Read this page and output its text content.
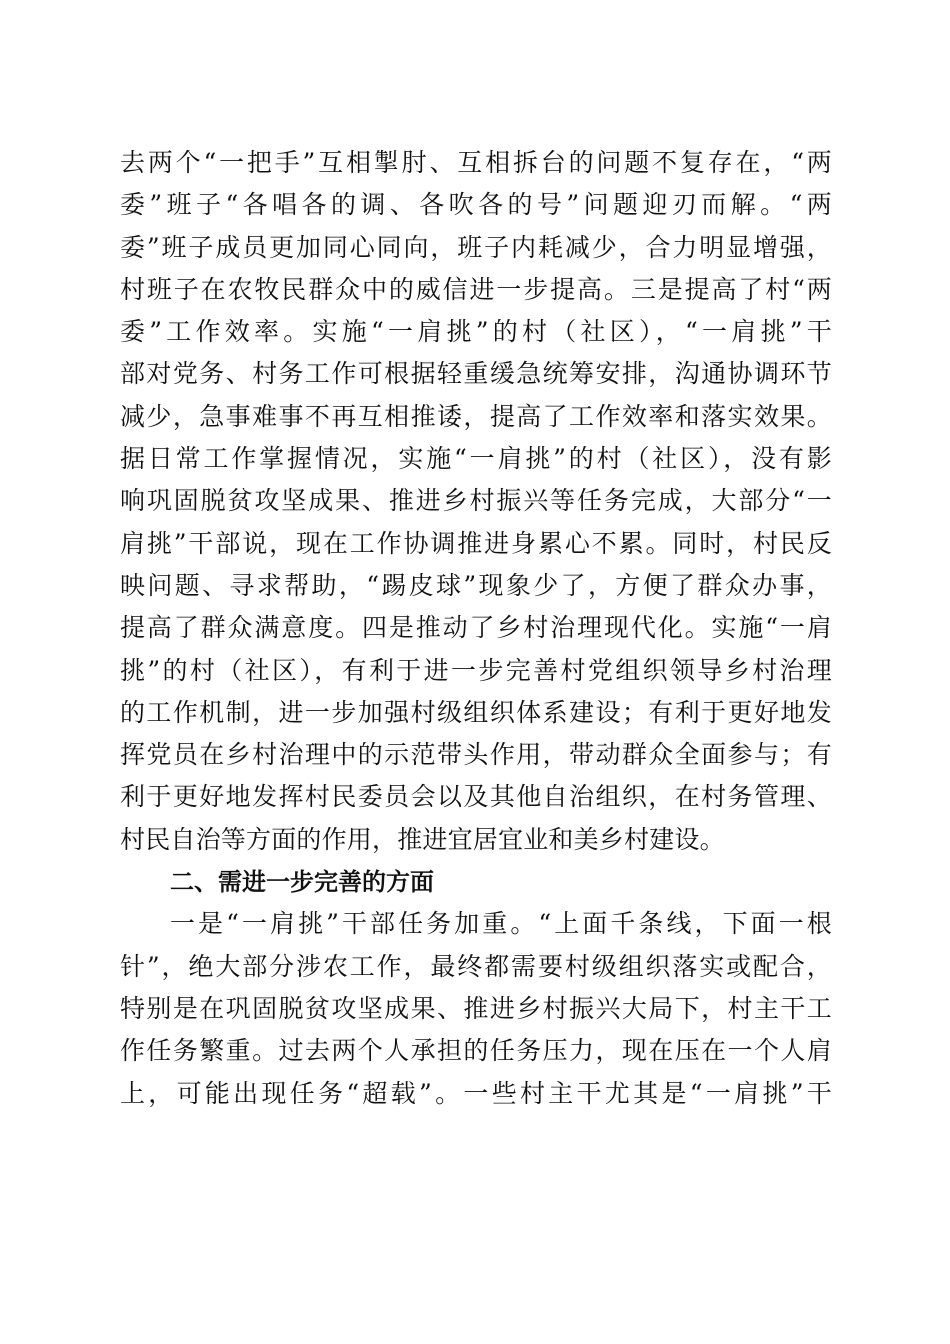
去两个“一把手”互相掣肘、互相拆台的问题不复存在，“两
委”班子“各唱各的调、各吹各的号”问题迎刃而解。“两
委”班子成员更加同心同向，班子内耗减少，合力明显增强，
村班子在农牧民群众中的威信进一步提高。三是提高了村“两
委”工作效率。实施“一肩挑”的村（社区），“一肩挑”干
部对党务、村务工作可根据轻重缓急统筹安排，沟通协调环节
减少，急事难事不再互相推诿，提高了工作效率和落实效果。
据日常工作掌握情况，实施“一肩挑”的村（社区），没有影
响巩固脱贫攻坚成果、推进乡村振兴等任务完成，大部分“一
肩挑”干部说，现在工作协调推进身累心不累。同时，村民反
映问题、寻求帮助，“踢皮球”现象少了，方便了群众办事，
提高了群众满意度。四是推动了乡村治理现代化。实施“一肩
挑”的村（社区），有利于进一步完善村党组织领导乡村治理
的工作机制，进一步加强村级组织体系建设；有利于更好地发
挥党员在乡村治理中的示范带头作用，带动群众全面参与；有
利于更好地发挥村民委员会以及其他自治组织，在村务管理、
村民自治等方面的作用，推进宜居宜业和美乡村建设。
二、需进一步完善的方面
一是“一肩挑”干部任务加重。“上面千条线，下面一根
针”，绝大部分涉农工作，最终都需要村级组织落实或配合，
特别是在巩固脱贫攻坚成果、推进乡村振兴大局下，村主干工
作任务繁重。过去两个人承担的任务压力，现在压在一个人肩
上，可能出现任务“超载”。一些村主干尤其是“一肩挑”干
